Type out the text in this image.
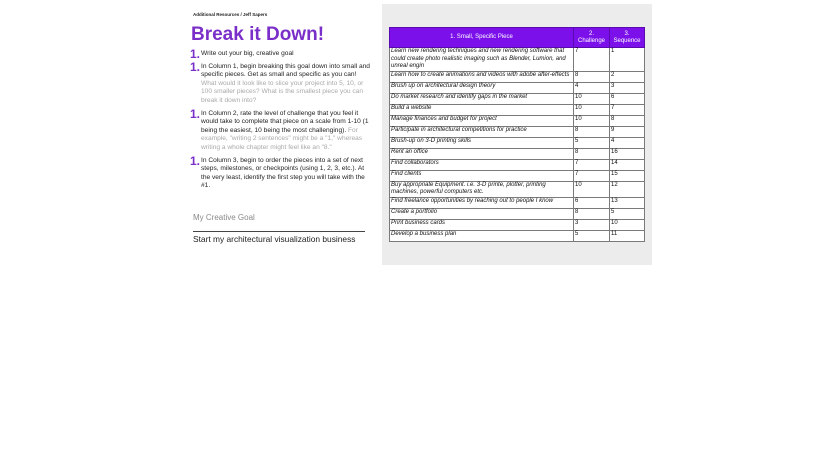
Additional Resources / Jeff Sapers
Break it Down!
1. Write out your big, creative goal
1. In Column 1, begin breaking this goal down into small and specific pieces. Get as small and specific as you can! What would it look like to slice your project into 5, 10, or 100 smaller pieces? What is the smallest piece you can break it down into?
1. In Column 2, rate the level of challenge that you feel it would take to complete that piece on a scale from 1-10 (1 being the easiest, 10 being the most challenging). For example, "writing 2 sentences" might be a "1," whereas writing a whole chapter might feel like an "8."
1. In Column 3, begin to order the pieces into a set of next steps, milestones, or checkpoints (using 1, 2, 3, etc.). At the very least, identify the first step you will take with the #1.
My Creative Goal
Start my architectural visualization business
1. Small, Specific Piece	2. Challenge	3. Sequence
Learn new rendering techniques and new rendering software that could create photo realistic imaging such as Blender, Lumion, and unreal engin	7	1
Learn how to create animations and videos with adobe after-effects	8	2
Brush up on architectural design theory	4	3
Do market research and identify gaps in the market	10	6
Build a website	10	7
Manage finances and budget for project	10	8
Participate in architectural competitions for practice	8	9
Brush-up on 3-D printing skills	5	4
Rent an office	8	16
Find collaborators	7	14
Find clients	7	15
Buy appropriate Equipment. i.e. 3-D printe, plotter, printing machines, powerful computers etc.	10	12
Find freelance opportunities by reaching out to people I know	6	13
Create a portfolio	8	5
Print business cards	3	10
Develop a business plan	5	11
